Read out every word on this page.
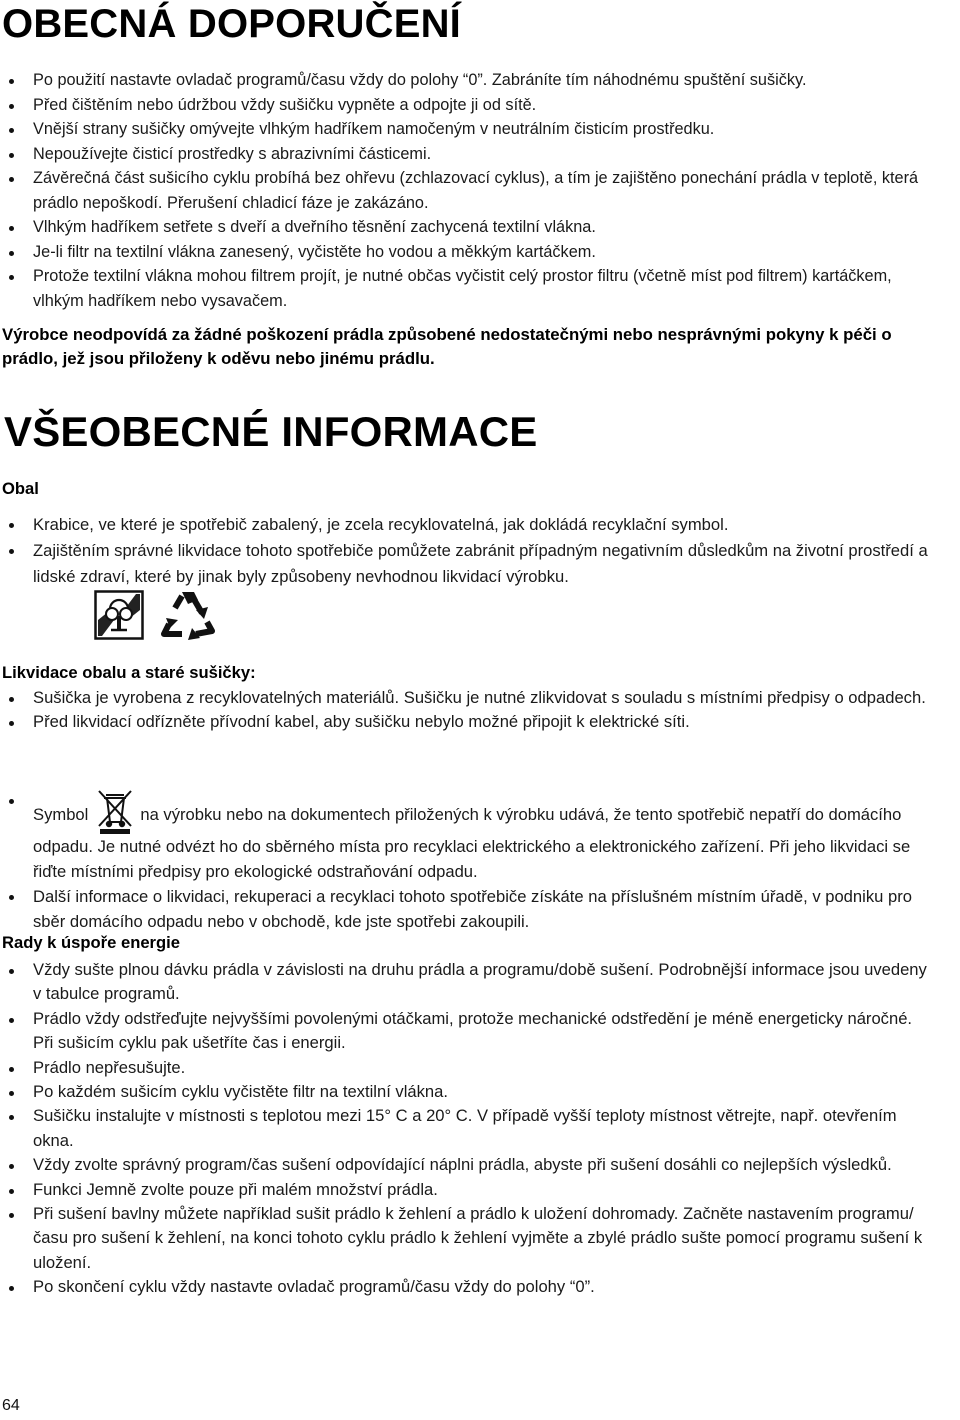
OBECNÁ DOPORUČENÍ
Po použití nastavte ovladač programů/času vždy do polohy “0”. Zabráníte tím náhodnému spuštění sušičky.
Před čištěním nebo údržbou vždy sušičku vypněte a odpojte ji od sítě.
Vnější strany sušičky omývejte vlhkým hadříkem namočeným v neutrálním čisticím prostředku.
Nepoužívejte čisticí prostředky s abrazivními částicemi.
Závěrečná část sušicího cyklu probíhá bez ohřevu (zchlazovací cyklus), a tím je zajištěno ponechání prádla v teplotě, která prádlo nepoškodí. Přerušení chladicí fáze je zakázáno.
Vlhkým hadříkem setřete s dveří a dveřního těsnění zachycená textilní vlákna.
Je-li filtr na textilní vlákna zanesený, vyčistěte ho vodou a měkkým kartáčkem.
Protože textilní vlákna mohou filtrem projít, je nutné občas vyčistit celý prostor filtru (včetně míst pod filtrem) kartáčkem, vlhkým hadříkem nebo vysavačem.

Výrobce neodpovídá za žádné poškození prádla způsobené nedostatečnými nebo nesprávnými pokyny k péči o prádlo, jež jsou přiloženy k oděvu nebo jinému prádlu.

VŠEOBECNÉ INFORMACE

Obal

Krabice, ve které je spotřebič zabalený, je zcela recyklovatelná, jak dokládá recyklační symbol.
Zajištěním správné likvidace tohoto spotřebiče pomůžete zabránit případným negativním důsledkům na životní prostředí a lidské zdraví, které by jinak byly způsobeny nevhodnou likvidací výrobku.

Likvidace obalu a staré sušičky:

Sušička je vyrobena z recyklovatelných materiálů. Sušičku je nutné zlikvidovat s souladu s místními předpisy o odpadech.
Před likvidací odřízněte přívodní kabel, aby sušičku nebylo možné připojit k elektrické síti.
Symbol	na výrobku nebo na dokumentech přiložených k výrobku udává, že tento spotřebič nepatří do domácího odpadu. Je nutné odvézt ho do sběrného místa pro recyklaci elektrického a elektronického zařízení. Při jeho likvidaci se řiďte místními předpisy pro ekologické odstraňování odpadu.
Další informace o likvidaci, rekuperaci a recyklaci tohoto spotřebiče získáte na příslušném místním úřadě, v podniku pro sběr domácího odpadu nebo v obchodě, kde jste spotřebi zakoupili.

Rady k úspoře energie

Vždy sušte plnou dávku prádla v závislosti na druhu prádla a programu/době sušení. Podrobnější informace jsou uvedeny v tabulce programů.
Prádlo vždy odstřeďujte nejvyššími povolenými otáčkami, protože mechanické odstředění je méně energeticky náročné. Při sušicím cyklu pak ušetříte čas i energii.
Prádlo nepřesušujte.
Po každém sušicím cyklu vyčistěte filtr na textilní vlákna.
Sušičku instalujte v místnosti s teplotou mezi 15° C a 20° C. V případě vyšší teploty místnost větrejte, např. otevřením okna.
Vždy zvolte správný program/čas sušení odpovídající náplni prádla, abyste při sušení dosáhli co nejlepších výsledků.
Funkci Jemně zvolte pouze při malém množství prádla.
Při sušení bavlny můžete například sušit prádlo k žehlení a prádlo k uložení dohromady. Začněte nastavením programu/času pro sušení k žehlení, na konci tohoto cyklu prádlo k žehlení vyjměte a zbylé prádlo sušte pomocí programu sušení k uložení.
Po skončení cyklu vždy nastavte ovladač programů/času vždy do polohy “0”.

64
